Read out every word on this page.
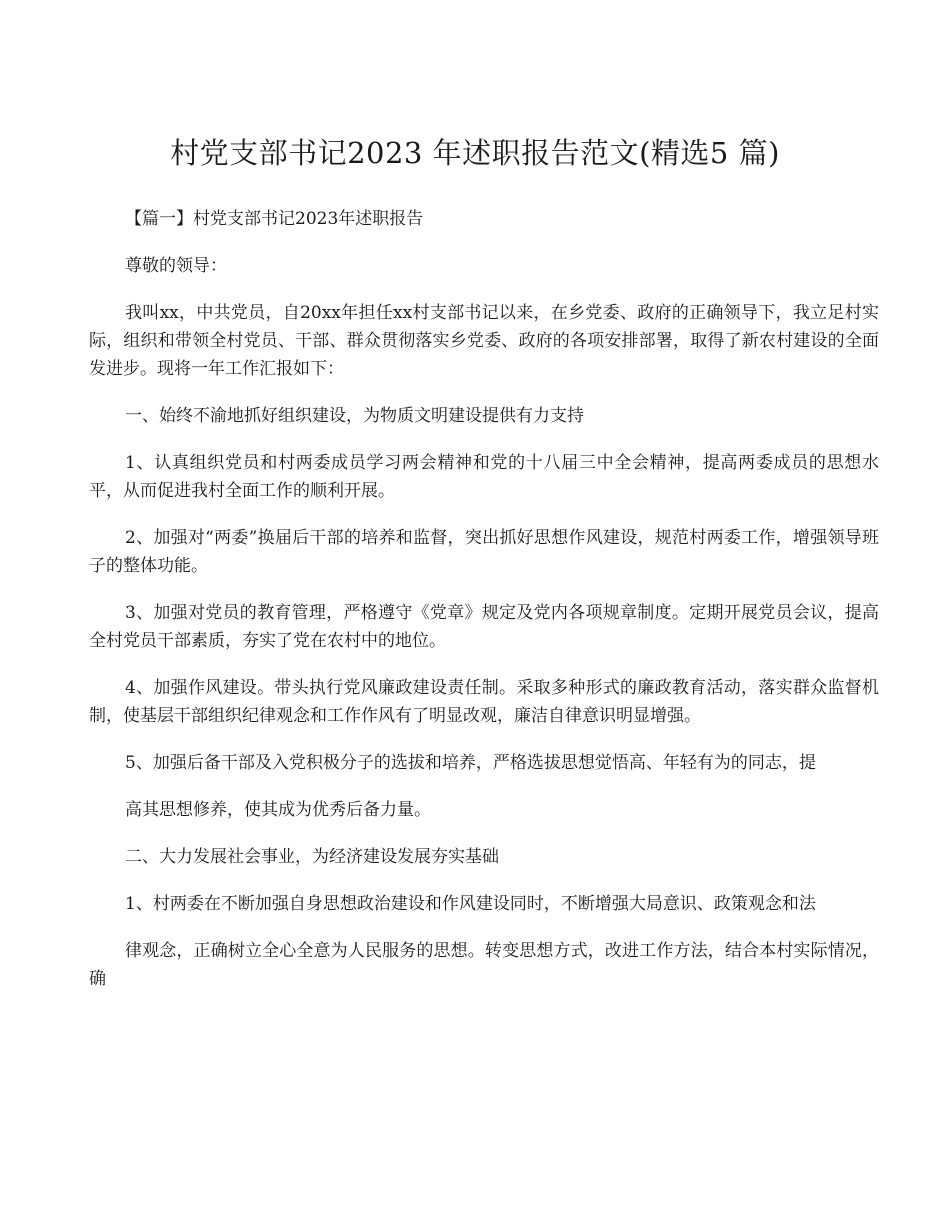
村党支部书记2023 年述职报告范文(精选5 篇)

【篇一】村党支部书记2023年述职报告

尊敬的领导：

我叫xx，中共党员，自20xx年担任xx村支部书记以来，在乡党委、政府的正确领导下，我立足村实际，组织和带领全村党员、干部、群众贯彻落实乡党委、政府的各项安排部署，取得了新农村建设的全面发进步。现将一年工作汇报如下：

一、始终不渝地抓好组织建设，为物质文明建设提供有力支持

1、认真组织党员和村两委成员学习两会精神和党的十八届三中全会精神，提高两委成员的思想水平，从而促进我村全面工作的顺利开展。

2、加强对“两委”换届后干部的培养和监督，突出抓好思想作风建设，规范村两委工作，增强领导班子的整体功能。

3、加强对党员的教育管理，严格遵守《党章》规定及党内各项规章制度。定期开展党员会议，提高全村党员干部素质，夯实了党在农村中的地位。

4、加强作风建设。带头执行党风廉政建设责任制。采取多种形式的廉政教育活动，落实群众监督机制，使基层干部组织纪律观念和工作作风有了明显改观，廉洁自律意识明显增强。

5、加强后备干部及入党积极分子的选拔和培养，严格选拔思想觉悟高、年轻有为的同志，提

高其思想修养，使其成为优秀后备力量。

二、大力发展社会事业，为经济建设发展夯实基础

1、村两委在不断加强自身思想政治建设和作风建设同时，不断增强大局意识、政策观念和法

律观念，正确树立全心全意为人民服务的思想。转变思想方式，改进工作方法，结合本村实际情况，确
